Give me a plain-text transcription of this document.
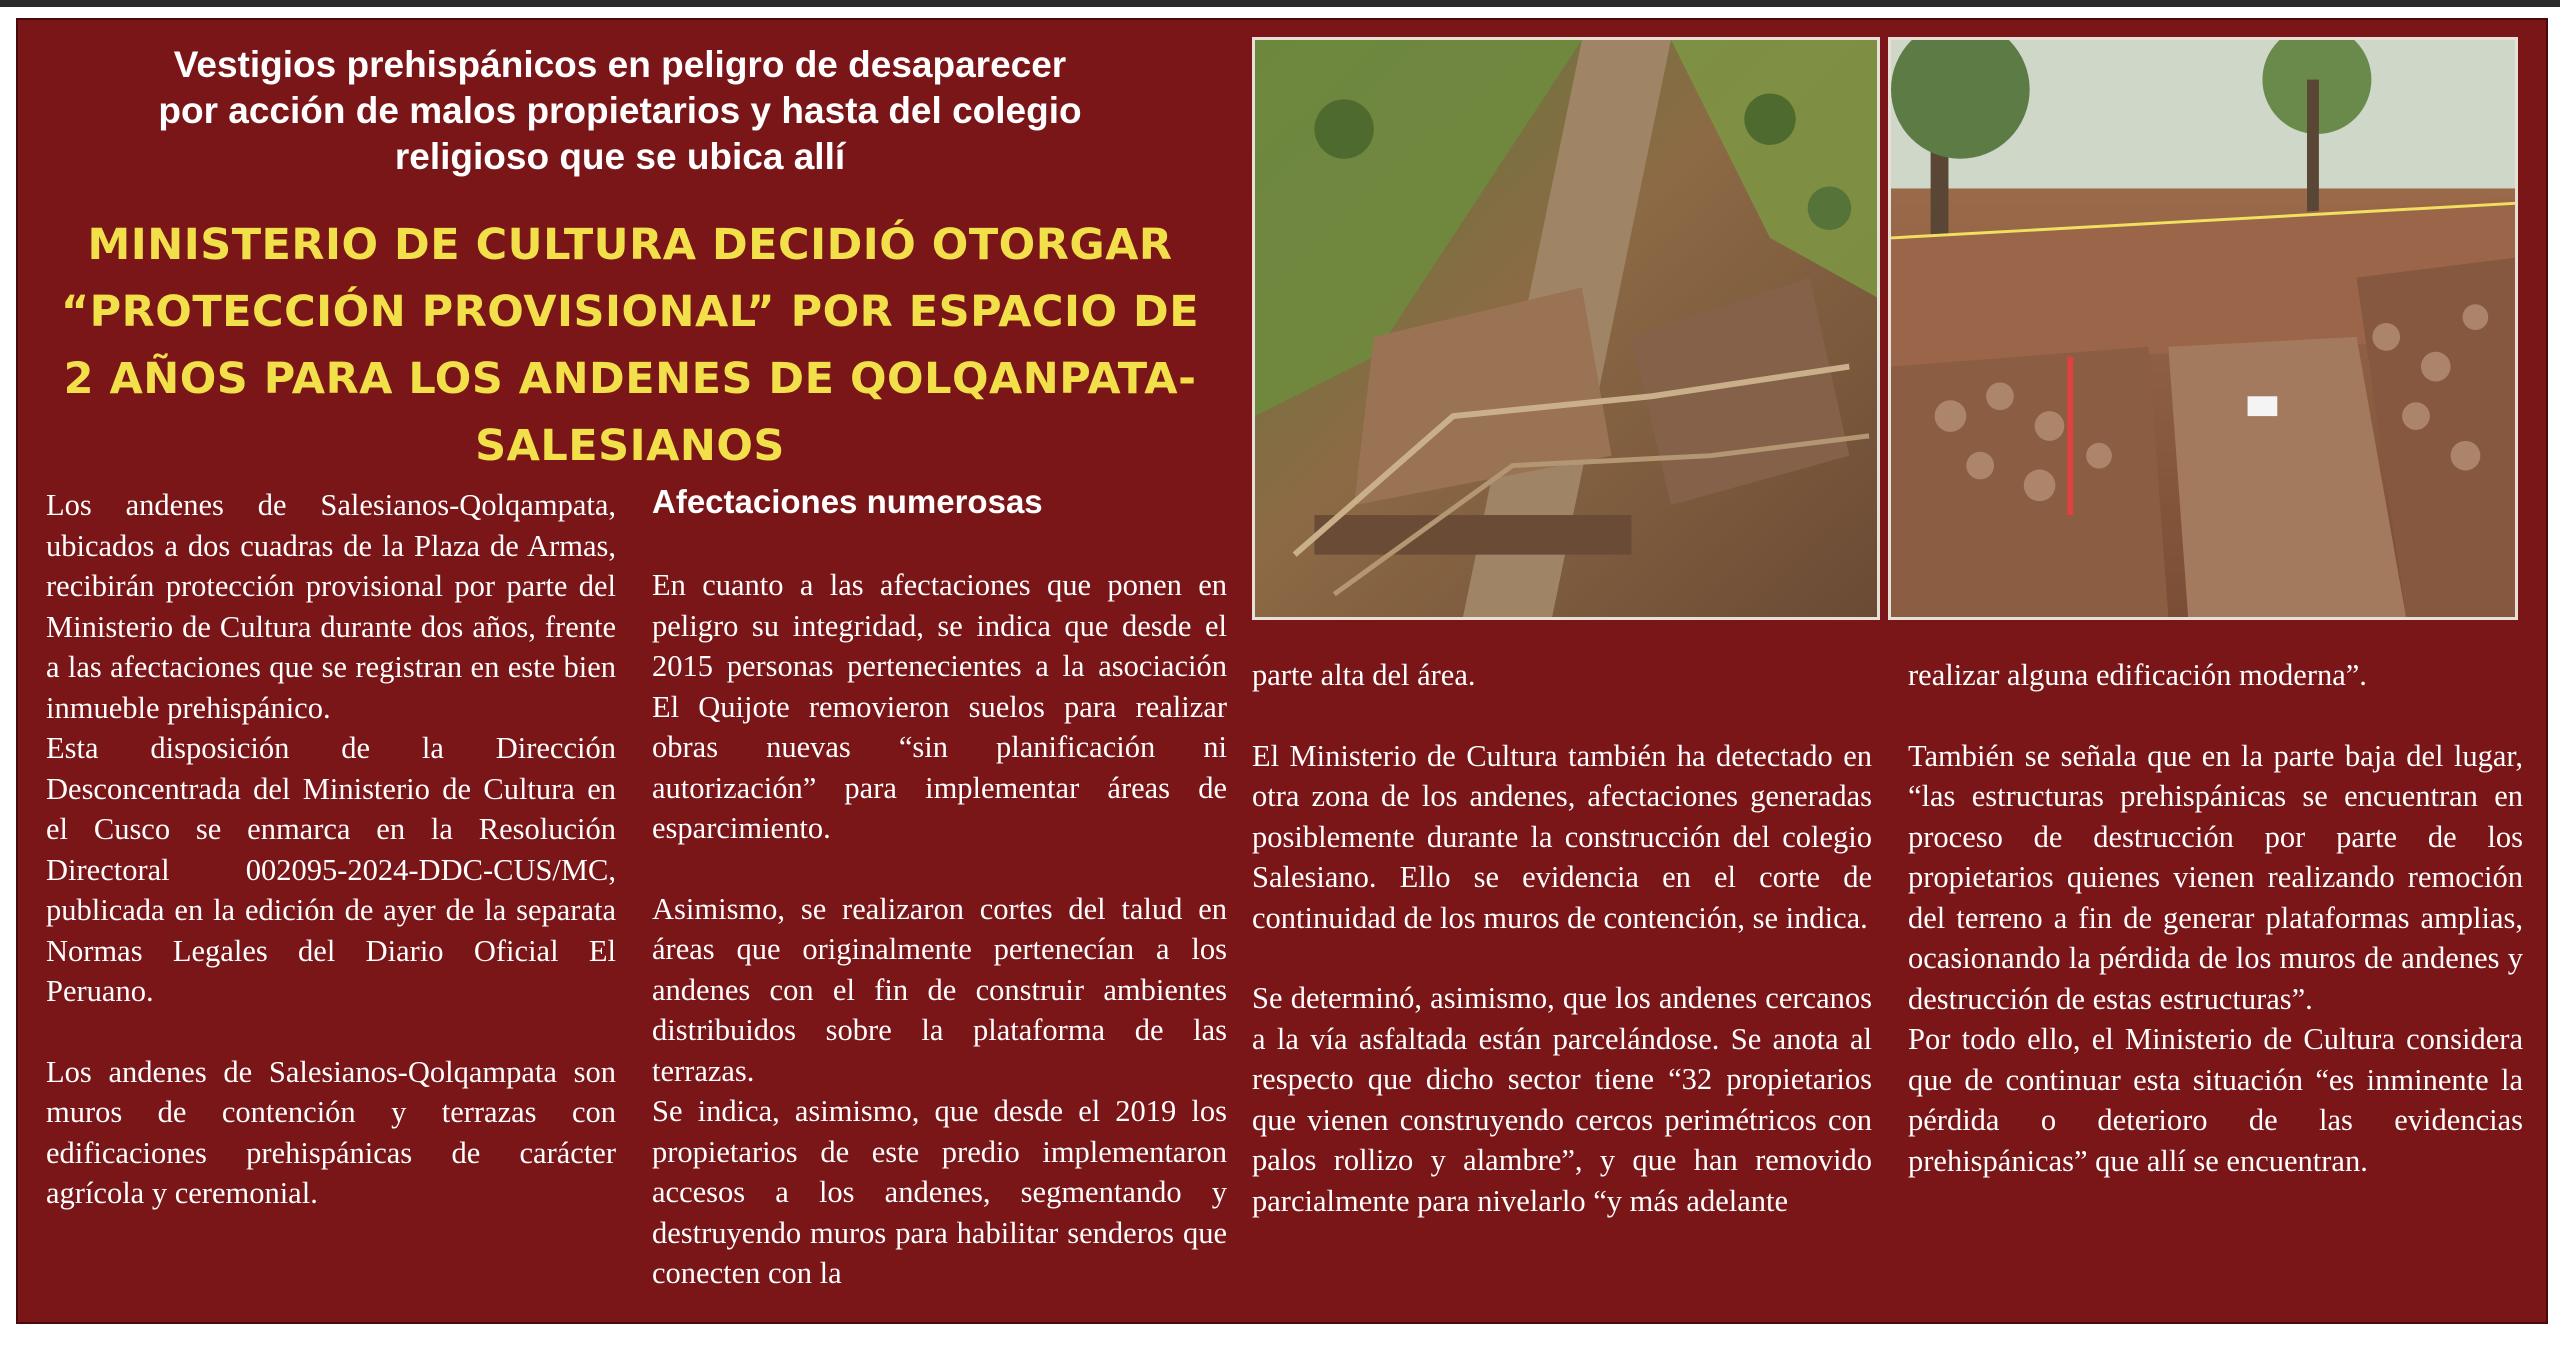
Vestigios prehispánicos en peligro de desaparecer
por acción de malos propietarios y hasta del colegio
religioso que se ubica allí
MINISTERIO DE CULTURA DECIDIÓ OTORGAR
“PROTECCIÓN PROVISIONAL” POR ESPACIO DE
2 AÑOS PARA LOS ANDENES DE QOLQANPATA-
SALESIANOS

Los andenes de Salesianos-Qolqampata, ubicados a dos cuadras de la Plaza de Armas, recibirán protección provisional por parte del Ministerio de Cultura durante dos años, frente a las afectaciones que se registran en este bien inmueble prehispánico.

Esta disposición de la Dirección Desconcentrada del Ministerio de Cultura en el Cusco se enmarca en la Resolución Directoral 002095-2024-DDC-CUS/MC, publicada en la edición de ayer de la separata Normas Legales del Diario Oficial El Peruano.

Los andenes de Salesianos-Qolqampata son muros de contención y terrazas con edificaciones prehispánicas de carácter agrícola y ceremonial.

Afectaciones numerosas

En cuanto a las afectaciones que ponen en peligro su integridad, se indica que desde el 2015 personas pertenecientes a la asociación El Quijote removieron suelos para realizar obras nuevas “sin planificación ni autorización” para implementar áreas de esparcimiento.

Asimismo, se realizaron cortes del talud en áreas que originalmente pertenecían a los andenes con el fin de construir ambientes distribuidos sobre la plataforma de las terrazas.

Se indica, asimismo, que desde el 2019 los propietarios de este predio implementaron accesos a los andenes, segmentando y destruyendo muros para habilitar senderos que conecten con la

parte alta del área.

El Ministerio de Cultura también ha detectado en otra zona de los andenes, afectaciones generadas posiblemente durante la construcción del colegio Salesiano. Ello se evidencia en el corte de continuidad de los muros de contención, se indica.

Se determinó, asimismo, que los andenes cercanos a la vía asfaltada están parcelándose. Se anota al respecto que dicho sector tiene “32 propietarios que vienen construyendo cercos perimétricos con palos rollizo y alambre”, y que han removido parcialmente para nivelarlo “y más adelante

realizar alguna edificación moderna”.

También se señala que en la parte baja del lugar, “las estructuras prehispánicas se encuentran en proceso de destrucción por parte de los propietarios quienes vienen realizando remoción del terreno a fin de generar plataformas amplias, ocasionando la pérdida de los muros de andenes y destrucción de estas estructuras”.

Por todo ello, el Ministerio de Cultura considera que de continuar esta situación “es inminente la pérdida o deterioro de las evidencias prehispánicas” que allí se encuentran.
